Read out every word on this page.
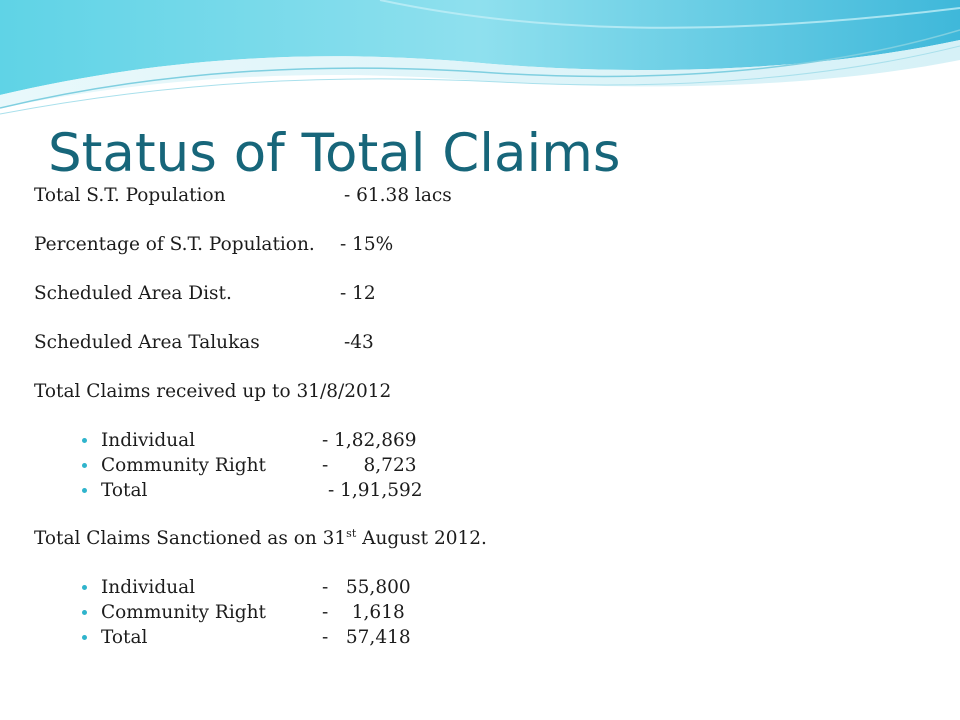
Status of Total Claims
Total S.T. Population	- 61.38 lacs
Percentage of S.T. Population. - 15%
Scheduled Area Dist.	- 12
Scheduled Area Talukas	-43
Total Claims received up to 31/8/2012
Individual	- 1,82,869
Community Right	-      8,723
Total	- 1,91,592
Total Claims Sanctioned as on 31st August 2012.
Individual	-   55,800
Community Right	-    1,618
Total	-   57,418
